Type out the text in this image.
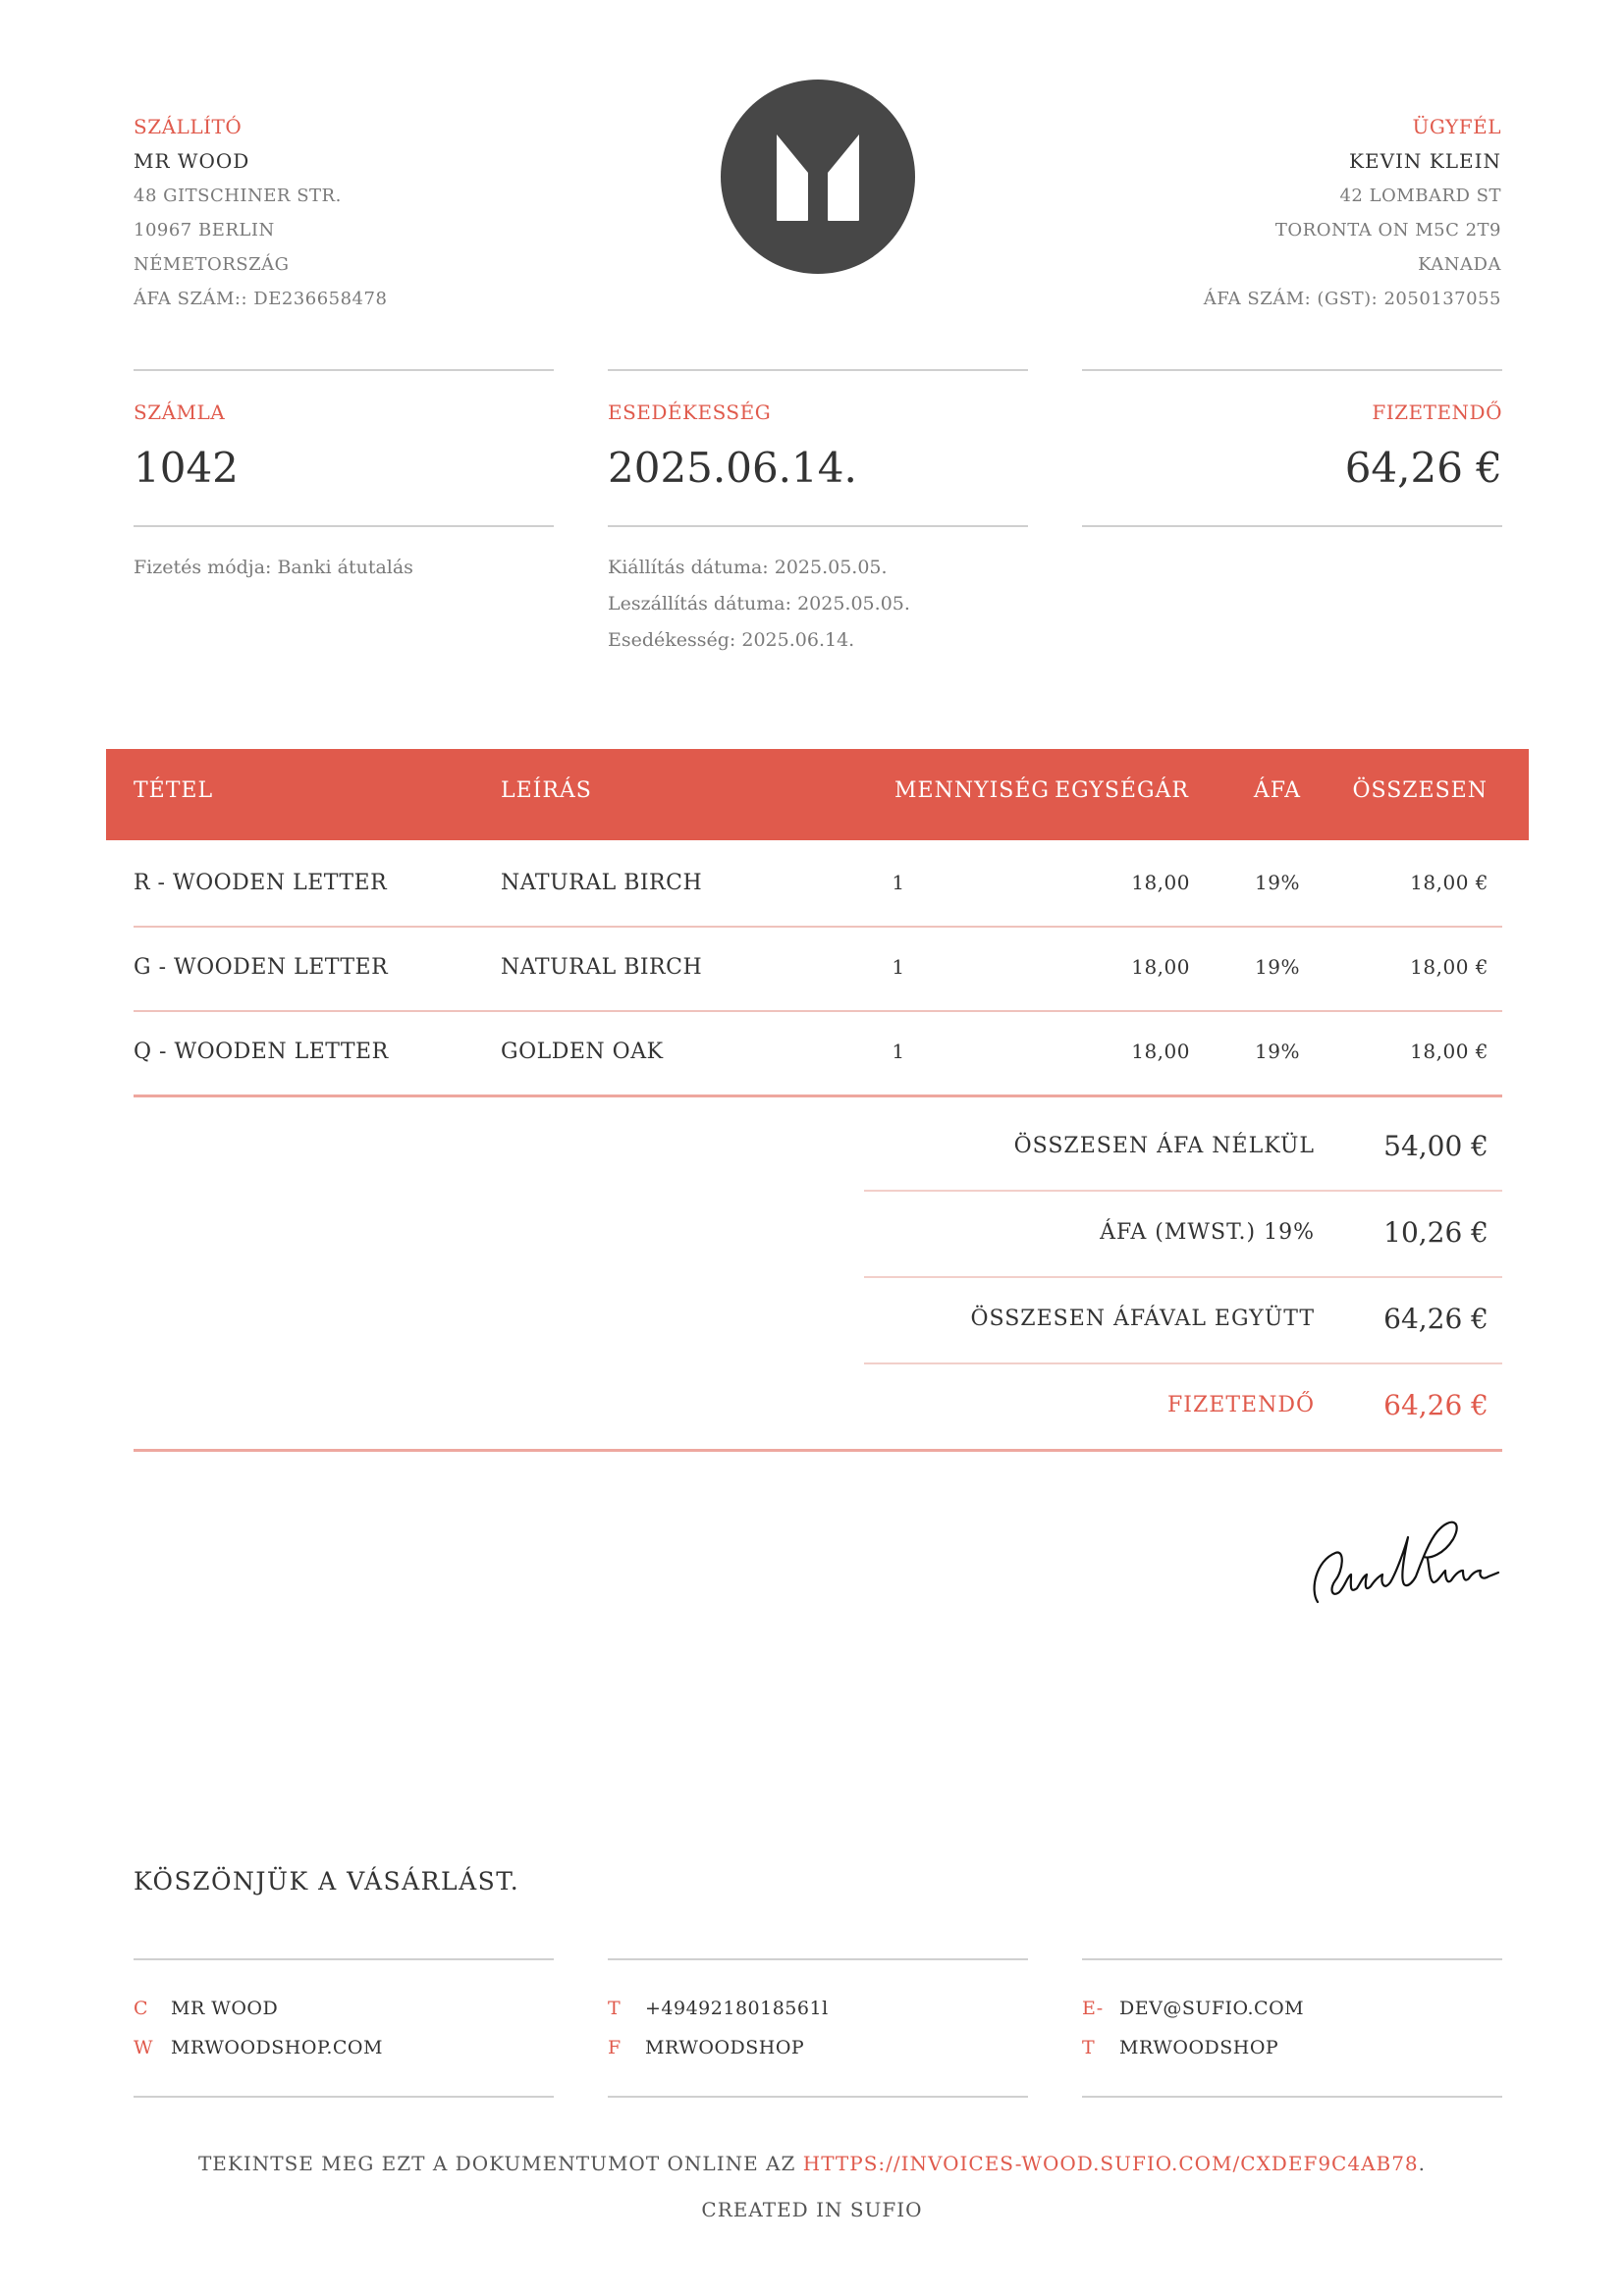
SZÁLLÍTÓ
MR WOOD
48 GITSCHINER STR.
10967 BERLIN
NÉMETORSZÁG
ÁFA SZÁM:: DE236658478
ÜGYFÉL
KEVIN KLEIN
42 LOMBARD ST
TORONTA ON M5C 2T9
KANADA
ÁFA SZÁM: (GST): 2050137055
SZÁMLA
1042
ESEDÉKESSÉG
2025.06.14.
FIZETENDŐ
64,26 €
Fizetés módja: Banki átutalás	Kiállítás dátuma: 2025.05.05.
Leszállítás dátuma: 2025.05.05.
Esedékesség: 2025.06.14.
TÉTEL	LEÍRÁS	MENNYISÉG EGYSÉGÁR	ÁFA	ÖSSZESEN
R - WOODEN LETTER	NATURAL BIRCH	1	18,00	19%	18,00 €
G - WOODEN LETTER	NATURAL BIRCH	1	18,00	19%	18,00 €
Q - WOODEN LETTER	GOLDEN OAK	1	18,00	19%	18,00 €
ÖSSZESEN ÁFA NÉLKÜL	54,00 €
ÁFA (MWST.) 19%	10,26 €
ÖSSZESEN ÁFÁVAL EGYÜTT	64,26 €
FIZETENDŐ	64,26 €
KÖSZÖNJÜK A VÁSÁRLÁST.
C MR WOOD
W MRWOODSHOP.COM
T +4949218018561l
F MRWOODSHOP
E- DEV@SUFIO.COM
T MRWOODSHOP
TEKINTSE MEG EZT A DOKUMENTUMOT ONLINE AZ HTTPS://INVOICES-WOOD.SUFIO.COM/CXDEF9C4AB78.
CREATED IN SUFIO
